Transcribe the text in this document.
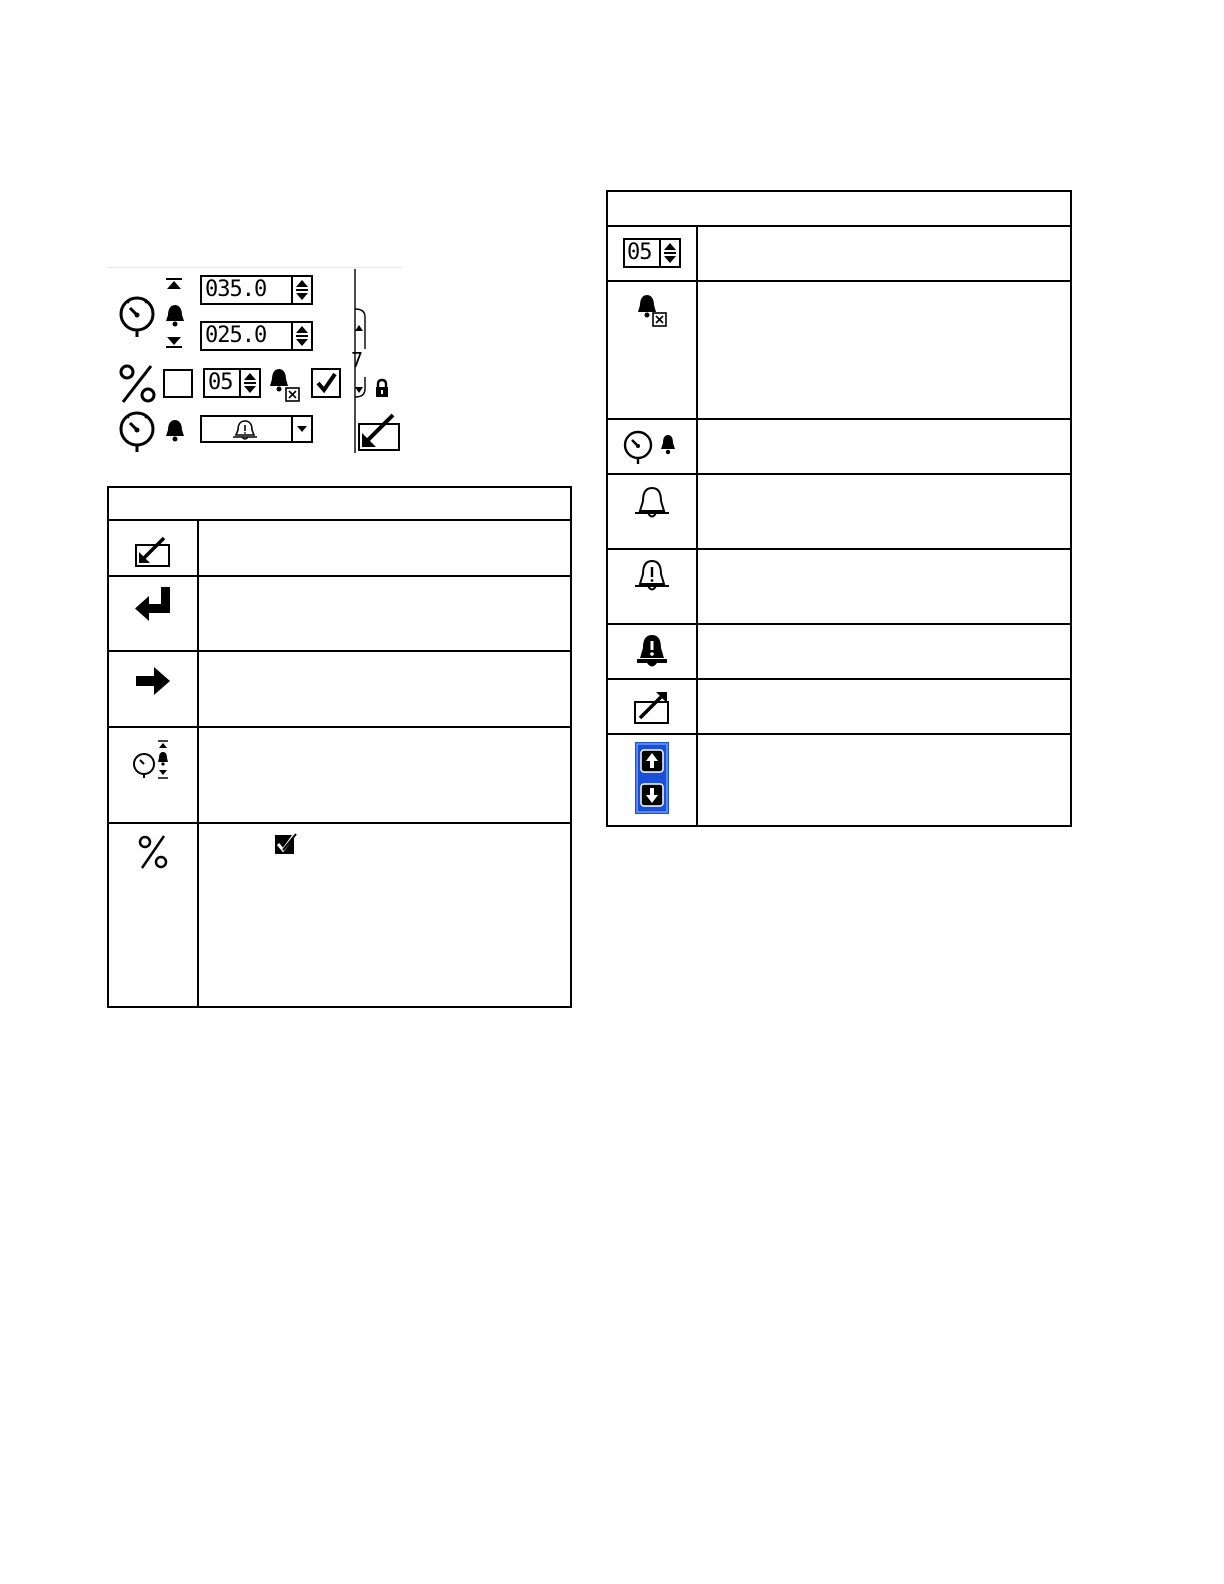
035.0
025.0
05
7

05	
